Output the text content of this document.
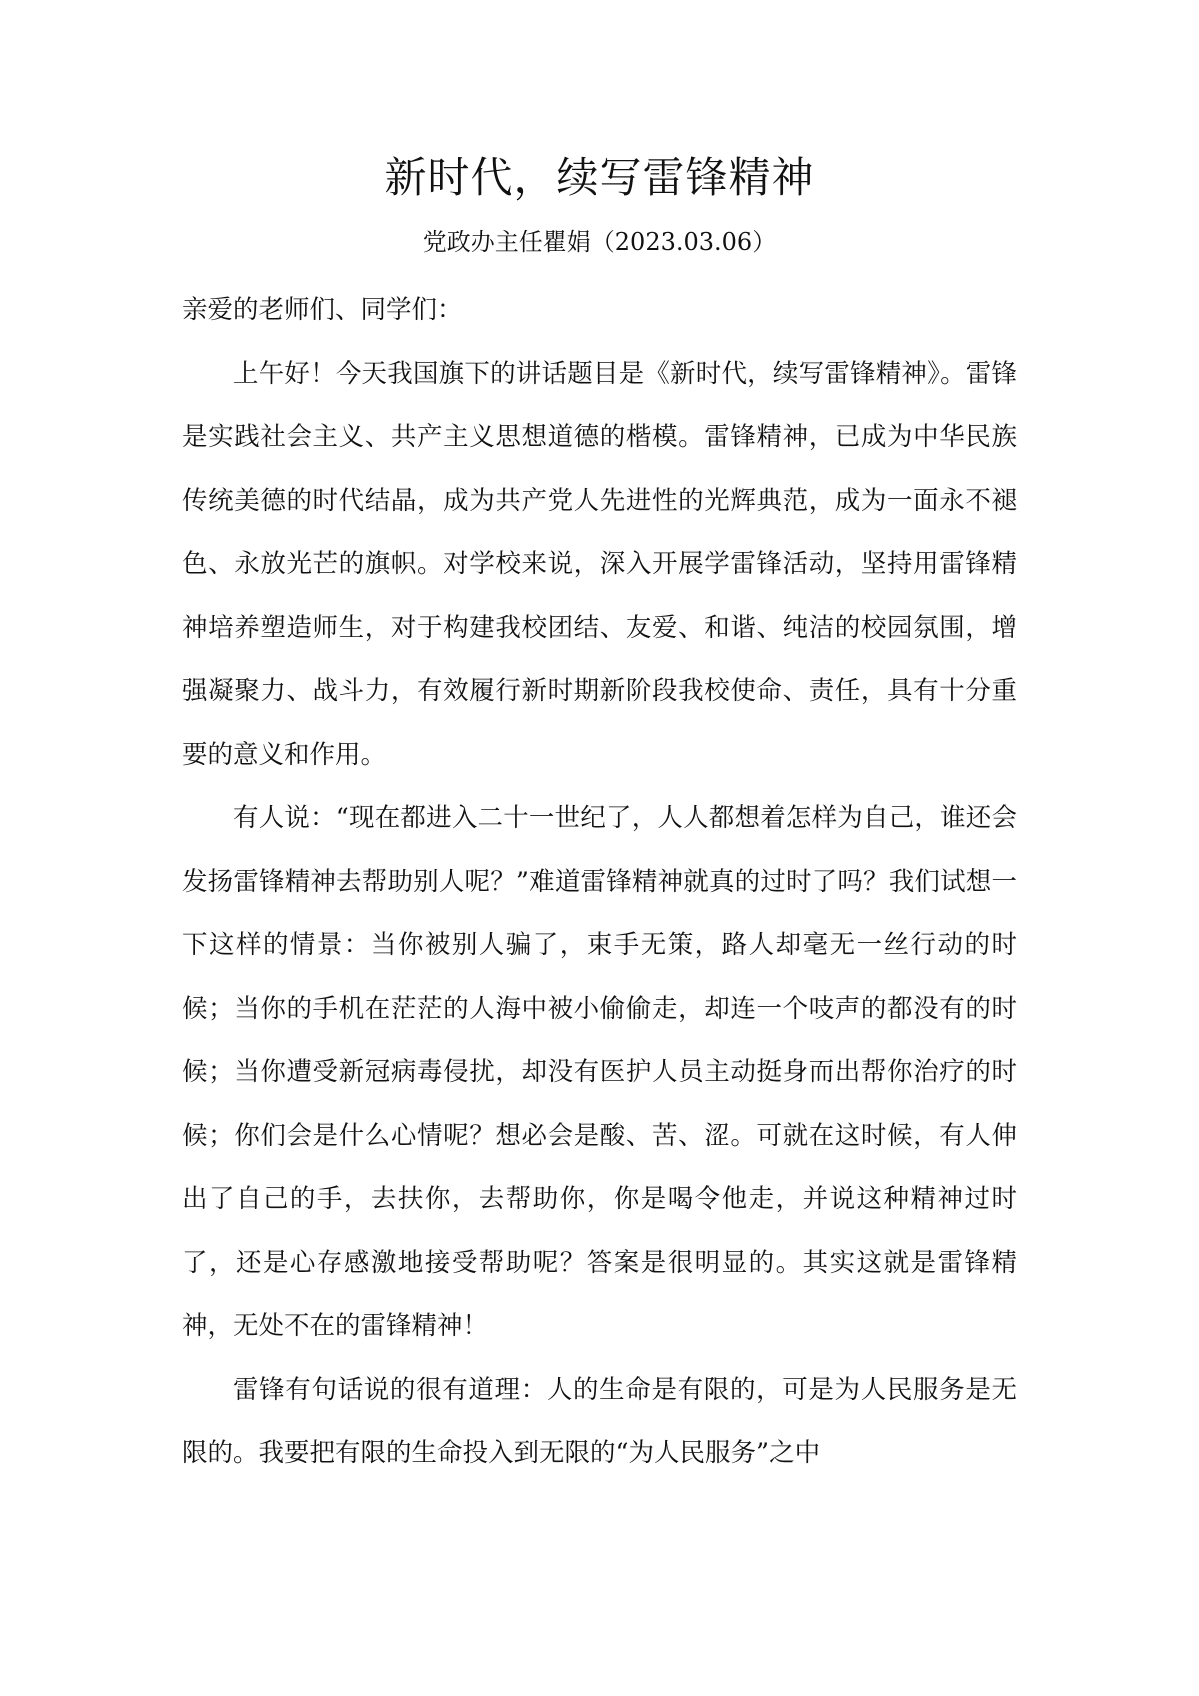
新时代，续写雷锋精神
党政办主任瞿娟（2023.03.06）

亲爱的老师们、同学们：

上午好！今天我国旗下的讲话题目是《新时代，续写雷锋精神》。雷锋是实践社会主义、共产主义思想道德的楷模。雷锋精神，已成为中华民族传统美德的时代结晶，成为共产党人先进性的光辉典范，成为一面永不褪色、永放光芒的旗帜。对学校来说，深入开展学雷锋活动，坚持用雷锋精神培养塑造师生，对于构建我校团结、友爱、和谐、纯洁的校园氛围，增强凝聚力、战斗力，有效履行新时期新阶段我校使命、责任，具有十分重要的意义和作用。

有人说：“现在都进入二十一世纪了，人人都想着怎样为自己，谁还会发扬雷锋精神去帮助别人呢？”难道雷锋精神就真的过时了吗？我们试想一下这样的情景：当你被别人骗了，束手无策，路人却毫无一丝行动的时候；当你的手机在茫茫的人海中被小偷偷走，却连一个吱声的都没有的时候；当你遭受新冠病毒侵扰，却没有医护人员主动挺身而出帮你治疗的时候；你们会是什么心情呢？想必会是酸、苦、涩。可就在这时候，有人伸出了自己的手，去扶你，去帮助你，你是喝令他走，并说这种精神过时了，还是心存感激地接受帮助呢？答案是很明显的。其实这就是雷锋精神，无处不在的雷锋精神！

雷锋有句话说的很有道理：人的生命是有限的，可是为人民服务是无限的。我要把有限的生命投入到无限的“为人民服务”之中
